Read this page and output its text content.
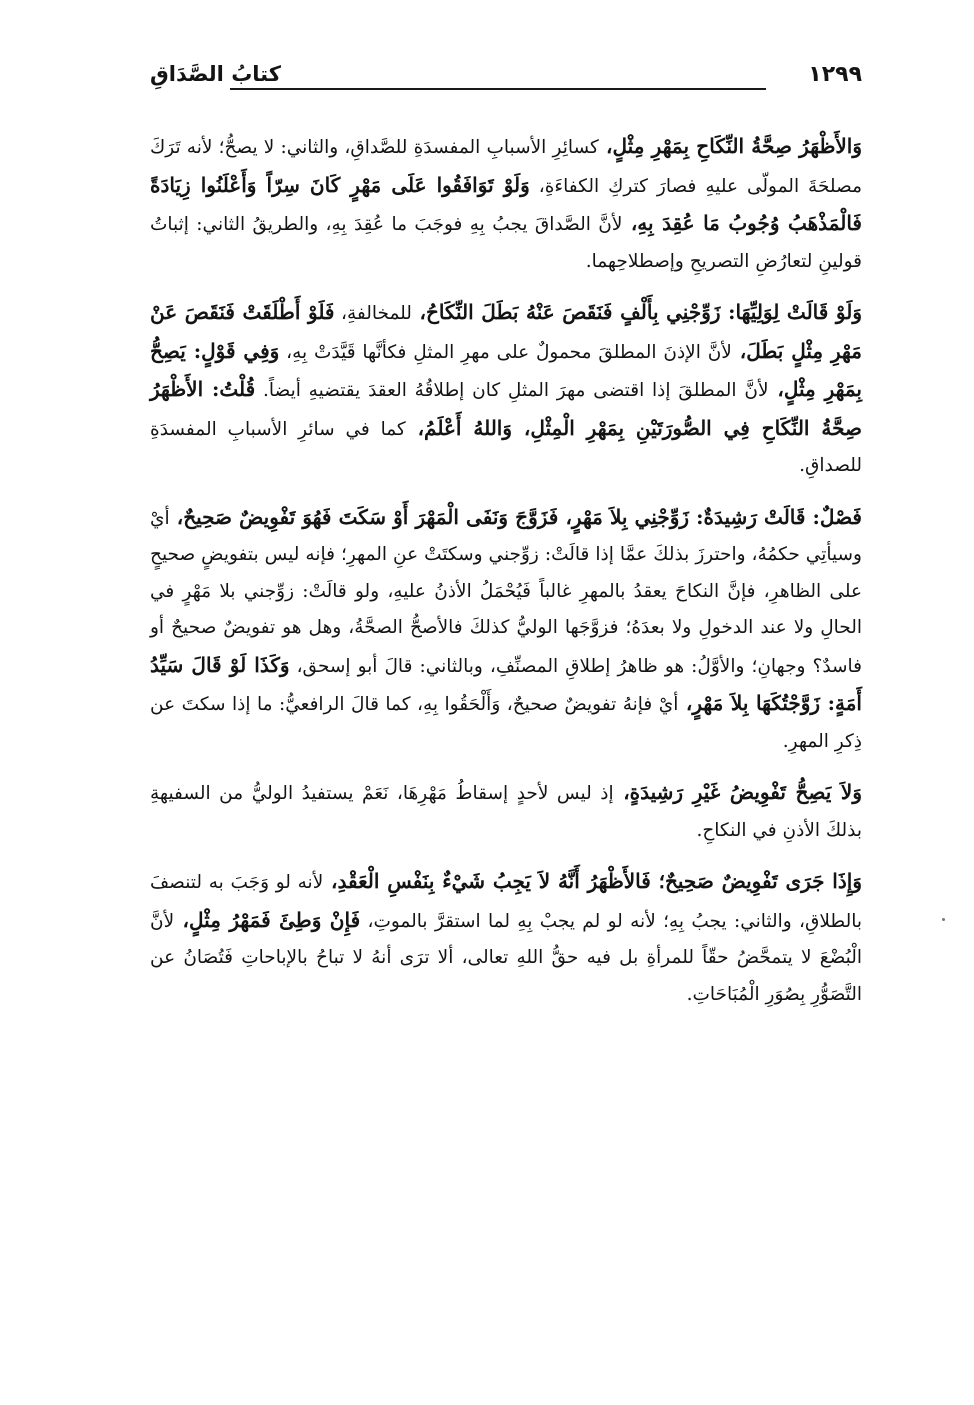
١٢٩٩
كتابُ الصَّدَاقِ

وَالأَظْهَرُ صِحَّةُ النِّكَاحِ بِمَهْرِ مِثْلٍ، كسائِرِ الأسبابِ المفسدَةِ للصَّداقِ، والثاني: لا يصحُّ؛ لأنه تَرَكَ مصلحَةَ المولّى عليهِ فصارَ كتركِ الكفاءَةِ، وَلَوْ تَوَافَقُوا عَلَى مَهْرٍ كَانَ سِرّاً وَأَعْلَنُوا زِيَادَةً فَالْمَذْهَبُ وُجُوبُ مَا عُقِدَ بِهِ، لأنَّ الصَّداقَ يجبُ بِهِ فوجَبَ ما عُقِدَ بِهِ، والطريقُ الثاني: إثباتُ قولينِ لتعارُضِ التصريحِ وإصطلاحِهما.

وَلَوْ قَالَتْ لِوَلِيِّهَا: زَوِّجْنِي بِأَلْفٍ فَنَقَصَ عَنْهُ بَطَلَ النِّكَاحُ، للمخالفةِ، فَلَوْ أَطْلَقَتْ فَنَقَصَ عَنْ مَهْرِ مِثْلٍ بَطَلَ، لأنَّ الإذنَ المطلقَ محمولٌ على مهرِ المثلِ فكأنَّها قَيَّدَتْ بِهِ، وَفِي قَوْلٍ: يَصِحُّ بِمَهْرِ مِثْلٍ، لأنَّ المطلقَ إذا اقتضى مهرَ المثلِ كان إطلاقُهُ العقدَ يقتضيهِ أيضاً. قُلْتُ: الأَظْهَرُ صِحَّةُ النِّكَاحِ فِي الصُّورَتَيْنِ بِمَهْرِ الْمِثْلِ، وَاللهُ أَعْلَمُ، كما في سائرِ الأسبابِ المفسدَةِ للصداقِ.

فَصْلٌ: قَالَتْ رَشِيدَةٌ: زَوِّجْنِي بِلاَ مَهْرٍ، فَزَوَّجَ وَنَفَى الْمَهْرَ أَوْ سَكَتَ فَهُوَ تَفْوِيضٌ صَحِيحٌ، أيْ وسيأتِي حكمُهُ، واحترزَ بذلكَ عمَّا إذا قالَتْ: زوِّجني وسكتَتْ عنِ المهرِ؛ فإنه ليس بتفويضٍ صحيحٍ على الظاهرِ، فإنَّ النكاحَ يعقدُ بالمهرِ غالباً فَيُحْمَلُ الأذنُ عليهِ، ولو قالَتْ: زوِّجني بلا مَهْرٍ في الحالِ ولا عند الدخولِ ولا بعدَهُ؛ فزوَّجَها الوليُّ كذلكَ فالأصحُّ الصحَّةُ، وهل هو تفويضٌ صحيحٌ أو فاسدٌ؟ وجهانِ؛ والأوَّلُ: هو ظاهرُ إطلاقِ المصنِّفِ، وبالثاني: قالَ أبو إسحق، وَكَذَا لَوْ قَالَ سَيِّدُ أَمَةٍ: زَوَّجْتُكَهَا بِلاَ مَهْرٍ، أيْ فإنهُ تفويضٌ صحيحٌ، وَأَلْحَقُوا بِهِ، كما قالَ الرافعيُّ: ما إذا سكتَ عن ذِكرِ المهرِ.

وَلاَ يَصِحُّ تَفْوِيضُ غَيْرِ رَشِيدَةٍ، إذ ليس لأحدٍ إسقاطُ مَهْرِهَا، نَعَمْ يستفيدُ الوليُّ من السفيهةِ بذلكَ الأذنِ في النكاحِ.

وَإِذَا جَرَى تَفْوِيضٌ صَحِيحٌ؛ فَالأَظْهَرُ أَنَّهُ لاَ يَجِبُ شَيْءٌ بِنَفْسِ الْعَقْدِ، لأنه لو وَجَبَ به لتنصفَ بالطلاقِ، والثاني: يجبُ بِهِ؛ لأنه لو لم يجبْ بِهِ لما استقرَّ بالموتِ، فَإِنْ وَطِئَ فَمَهْرُ مِثْلٍ، لأنَّ الْبُضْعَ لا يتمحَّضُ حقّاً للمرأةِ بل فيه حقُّ اللهِ تعالى، ألا ترَى أنهُ لا تباحُ بالإباحاتِ فَتُصَانُ عن التَّصَوُّرِ بِصُوَرِ الْمُبَاحَاتِ.
